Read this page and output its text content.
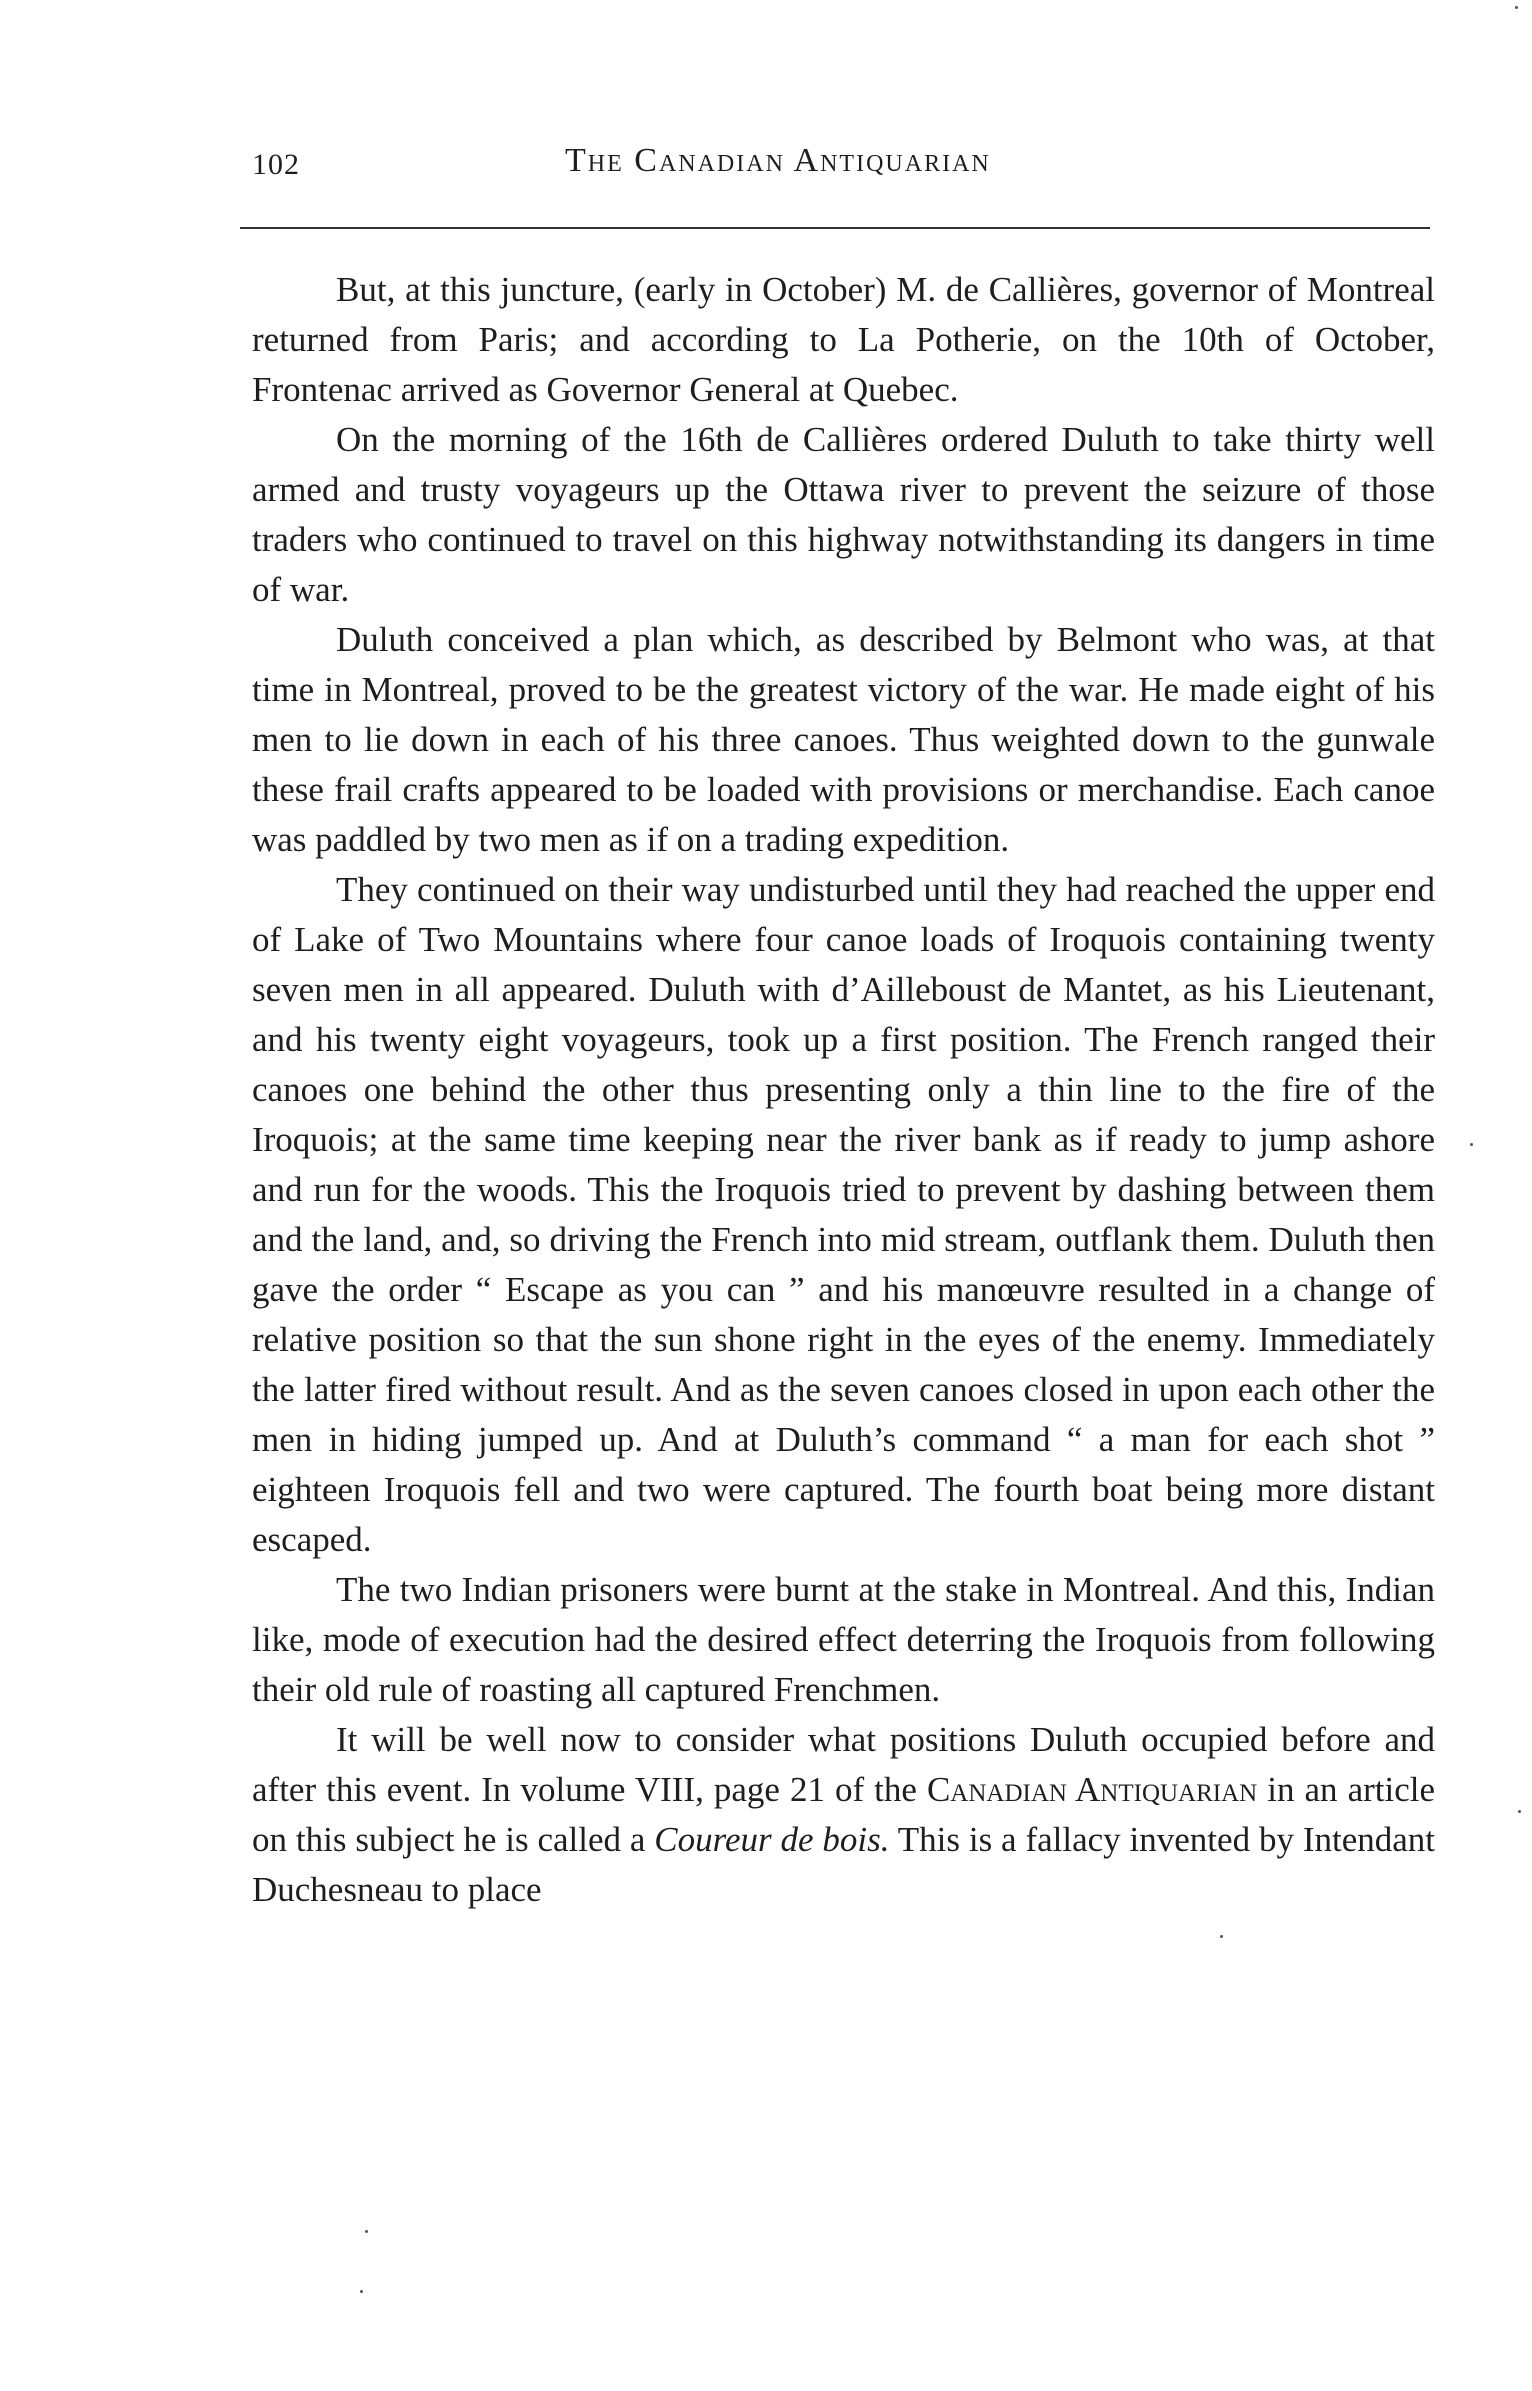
102	The Canadian Antiquarian

But, at this juncture, (early in October) M. de Callières, governor of Montreal returned from Paris; and according to La Potherie, on the 10th of October, Frontenac arrived as Governor General at Quebec.

On the morning of the 16th de Callières ordered Duluth to take thirty well armed and trusty voyageurs up the Ottawa river to prevent the seizure of those traders who continued to travel on this highway notwithstanding its dangers in time of war.

Duluth conceived a plan which, as described by Belmont who was, at that time in Montreal, proved to be the greatest victory of the war. He made eight of his men to lie down in each of his three canoes. Thus weighted down to the gunwale these frail crafts appeared to be loaded with provisions or merchandise. Each canoe was paddled by two men as if on a trading expedition.

They continued on their way undisturbed until they had reached the upper end of Lake of Two Mountains where four canoe loads of Iroquois containing twenty seven men in all appeared. Duluth with d’Ailleboust de Mantet, as his Lieutenant, and his twenty eight voyageurs, took up a first position. The French ranged their canoes one behind the other thus presenting only a thin line to the fire of the Iroquois; at the same time keeping near the river bank as if ready to jump ashore and run for the woods. This the Iroquois tried to prevent by dashing between them and the land, and, so driving the French into mid stream, outflank them. Duluth then gave the order “ Escape as you can ” and his manœuvre resulted in a change of relative position so that the sun shone right in the eyes of the enemy. Immediately the latter fired without result. And as the seven canoes closed in upon each other the men in hiding jumped up. And at Duluth’s command “ a man for each shot ” eighteen Iroquois fell and two were captured. The fourth boat being more distant escaped.

The two Indian prisoners were burnt at the stake in Montreal. And this, Indian like, mode of execution had the desired effect deterring the Iroquois from following their old rule of roasting all captured Frenchmen.

It will be well now to consider what positions Duluth occupied before and after this event. In volume VIII, page 21 of the Canadian Antiquarian in an article on this subject he is called a Coureur de bois. This is a fallacy invented by Intendant Duchesneau to place
